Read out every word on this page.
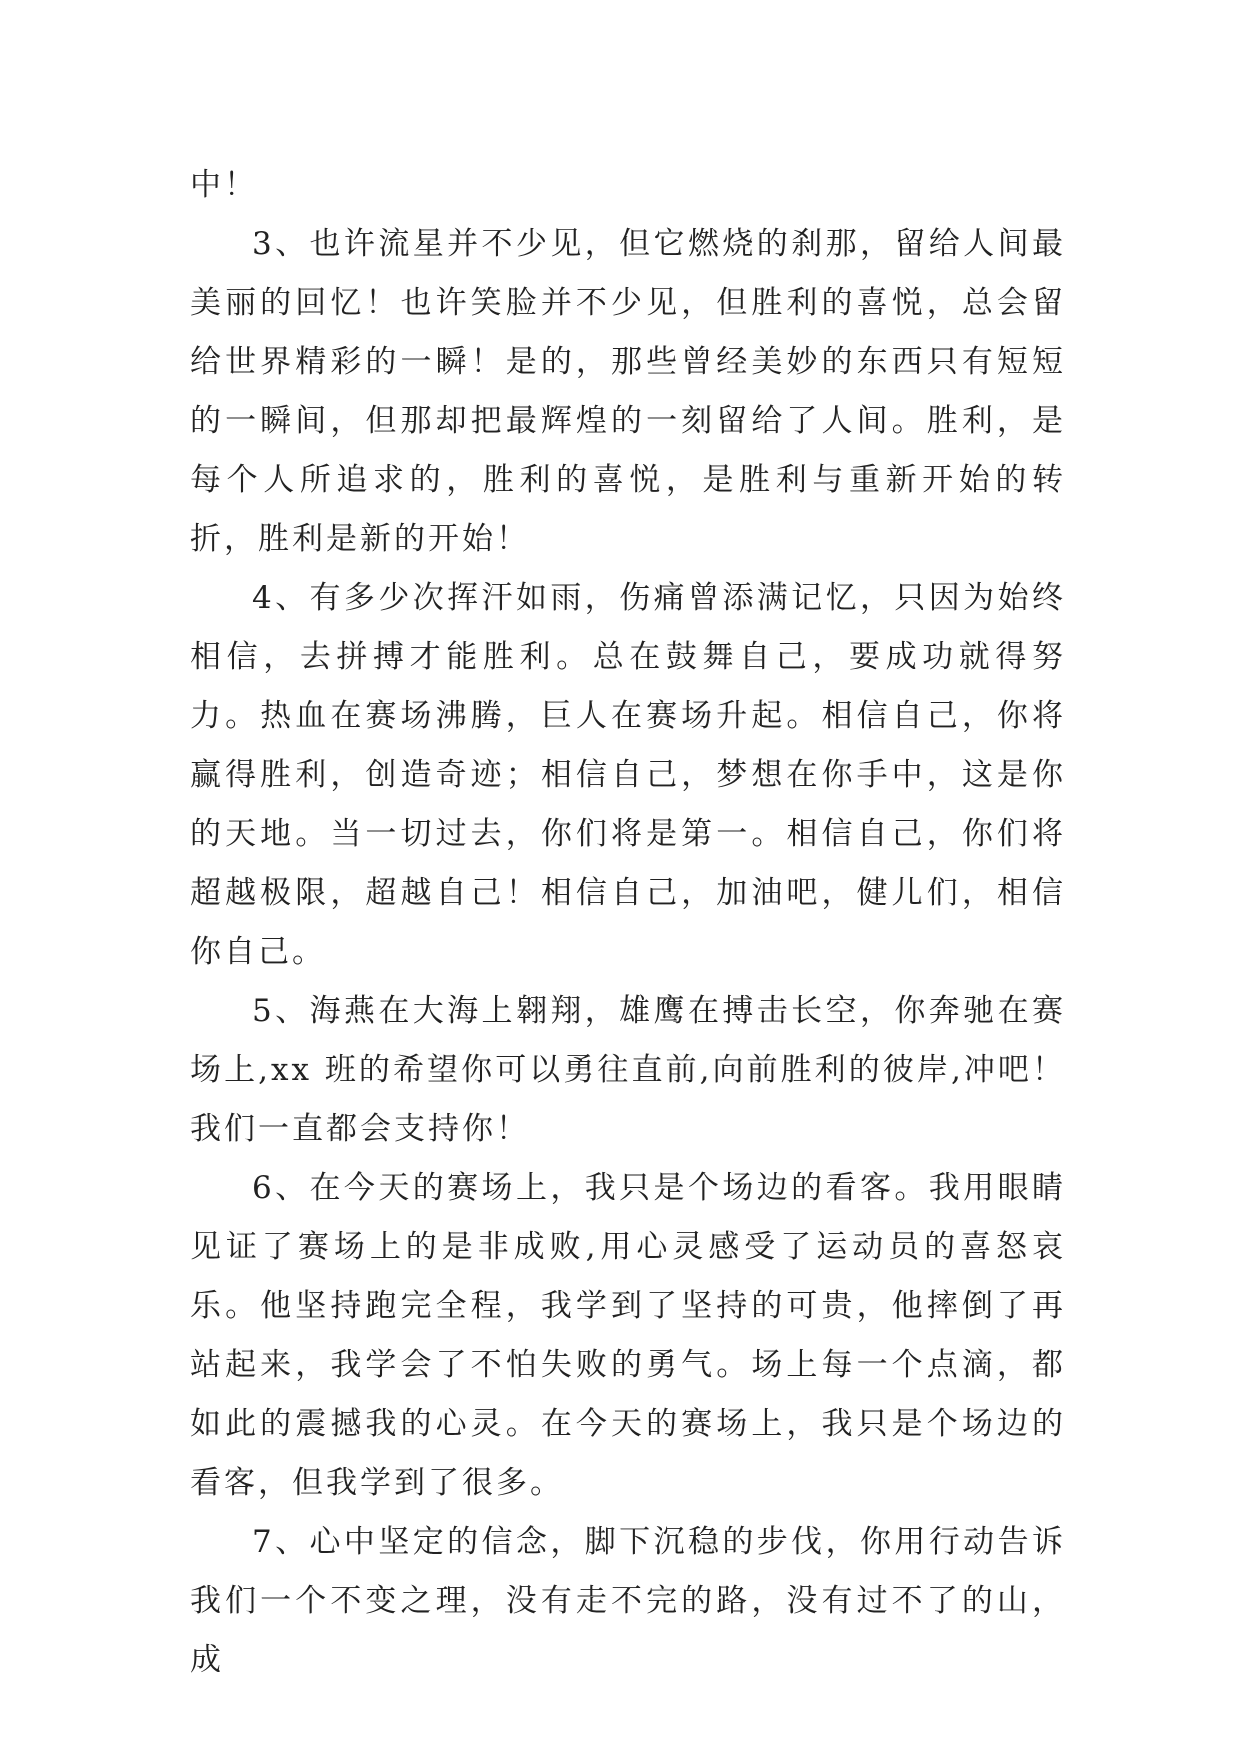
中！

3、也许流星并不少见，但它燃烧的刹那，留给人间最美丽的回忆！也许笑脸并不少见，但胜利的喜悦，总会留给世界精彩的一瞬！是的，那些曾经美妙的东西只有短短的一瞬间，但那却把最辉煌的一刻留给了人间。胜利，是每个人所追求的，胜利的喜悦，是胜利与重新开始的转折，胜利是新的开始！

4、有多少次挥汗如雨，伤痛曾添满记忆，只因为始终相信，去拼搏才能胜利。总在鼓舞自己，要成功就得努力。热血在赛场沸腾，巨人在赛场升起。相信自己，你将赢得胜利，创造奇迹；相信自己，梦想在你手中，这是你的天地。当一切过去，你们将是第一。相信自己，你们将超越极限，超越自己！相信自己，加油吧，健儿们，相信你自己。

5、海燕在大海上翱翔，雄鹰在搏击长空，你奔驰在赛场上,xx 班的希望你可以勇往直前,向前胜利的彼岸,冲吧！我们一直都会支持你！

6、在今天的赛场上，我只是个场边的看客。我用眼睛见证了赛场上的是非成败,用心灵感受了运动员的喜怒哀乐。他坚持跑完全程，我学到了坚持的可贵，他摔倒了再站起来，我学会了不怕失败的勇气。场上每一个点滴，都如此的震撼我的心灵。在今天的赛场上，我只是个场边的看客，但我学到了很多。

7、心中坚定的信念，脚下沉稳的步伐，你用行动告诉我们一个不变之理，没有走不完的路，没有过不了的山，成
